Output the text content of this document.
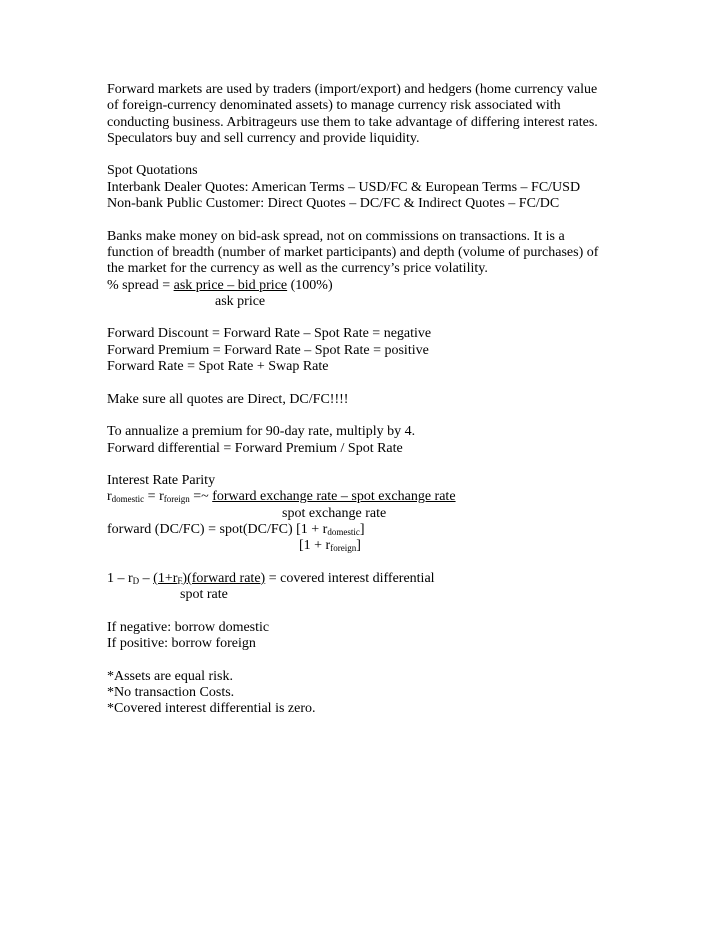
Forward markets are used by traders (import/export) and hedgers (home currency value
of foreign-currency denominated assets) to manage currency risk associated with
conducting business. Arbitrageurs use them to take advantage of differing interest rates.
Speculators buy and sell currency and provide liquidity.
Spot Quotations
Interbank Dealer Quotes: American Terms – USD/FC & European Terms – FC/USD
Non-bank Public Customer: Direct Quotes – DC/FC & Indirect Quotes – FC/DC
Banks make money on bid-ask spread, not on commissions on transactions. It is a
function of breadth (number of market participants) and depth (volume of purchases) of
the market for the currency as well as the currency’s price volatility.
% spread = ask price – bid price (100%)
ask price
Forward Discount = Forward Rate – Spot Rate = negative
Forward Premium = Forward Rate – Spot Rate = positive
Forward Rate = Spot Rate + Swap Rate
Make sure all quotes are Direct, DC/FC!!!!
To annualize a premium for 90-day rate, multiply by 4.
Forward differential = Forward Premium / Spot Rate
Interest Rate Parity
$r_{domestic} = r_{foreign}$ =~ forward exchange rate – spot exchange rate
spot exchange rate
forward (DC/FC) = spot(DC/FC) $[1 + r_{domestic}]$
$[1 + r_{foreign}]$
$1 - r_D$ – $(1+r_F)(forward$ rate) = covered interest differential
spot rate
If negative: borrow domestic
If positive: borrow foreign
*Assets are equal risk.
*No transaction Costs.
*Covered interest differential is zero.
